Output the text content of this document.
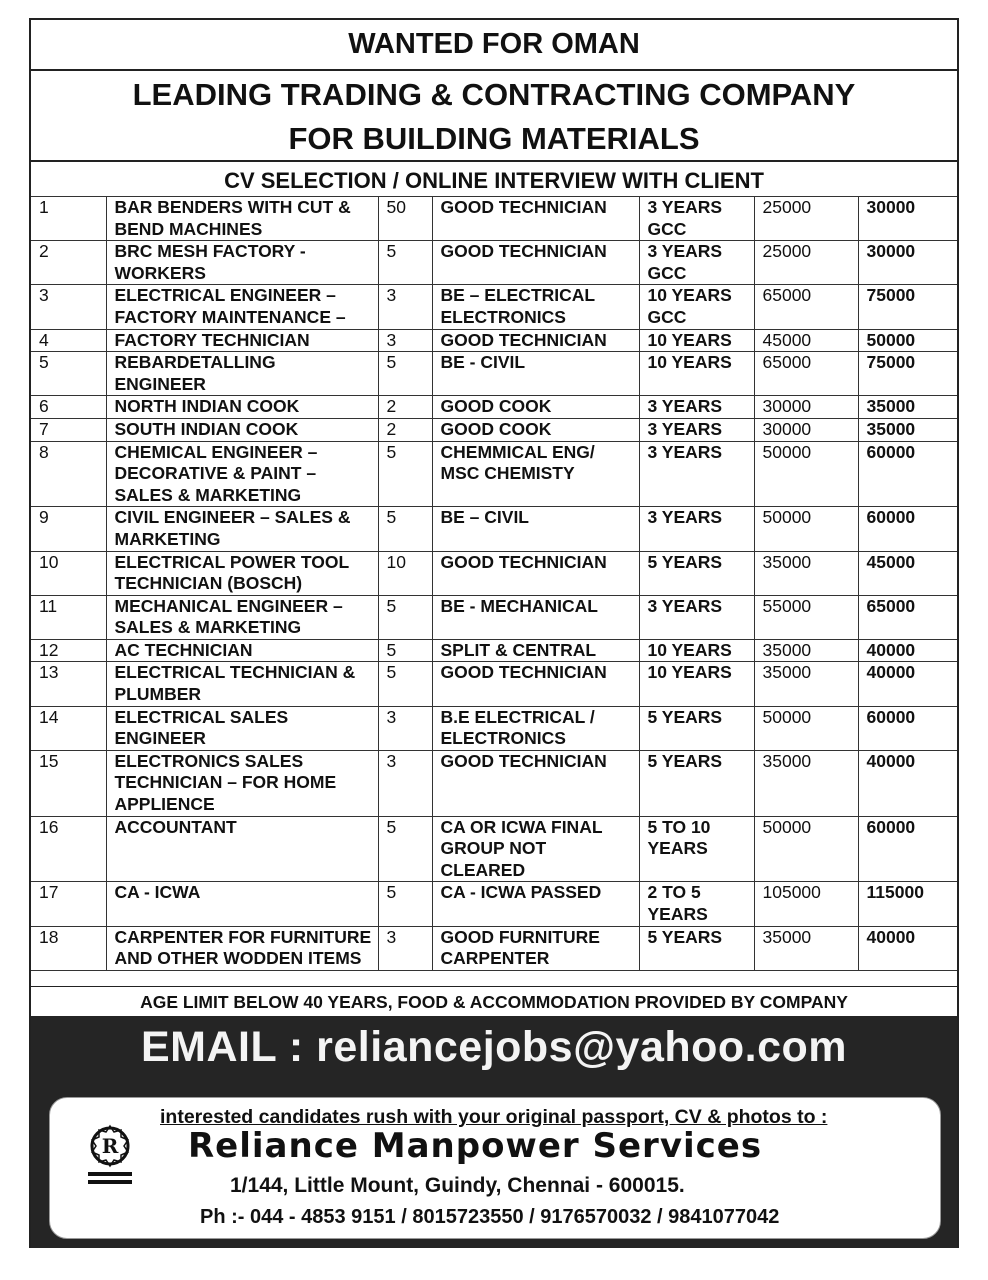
WANTED FOR OMAN
LEADING TRADING & CONTRACTING COMPANY
FOR BUILDING MATERIALS
CV SELECTION / ONLINE INTERVIEW WITH CLIENT
1	BAR BENDERS WITH CUT & BEND MACHINES	50	GOOD TECHNICIAN	3 YEARS GCC	25000	30000
2	BRC MESH FACTORY - WORKERS	5	GOOD TECHNICIAN	3 YEARS GCC	25000	30000
3	ELECTRICAL ENGINEER – FACTORY MAINTENANCE –	3	BE – ELECTRICAL ELECTRONICS	10 YEARS GCC	65000	75000
4	FACTORY TECHNICIAN	3	GOOD TECHNICIAN	10 YEARS	45000	50000
5	REBARDETALLING ENGINEER	5	BE - CIVIL	10 YEARS	65000	75000
6	NORTH INDIAN COOK	2	GOOD COOK	3 YEARS	30000	35000
7	SOUTH INDIAN COOK	2	GOOD COOK	3 YEARS	30000	35000
8	CHEMICAL ENGINEER – DECORATIVE & PAINT – SALES & MARKETING	5	CHEMMICAL ENG/ MSC CHEMISTY	3 YEARS	50000	60000
9	CIVIL ENGINEER – SALES & MARKETING	5	BE – CIVIL	3 YEARS	50000	60000
10	ELECTRICAL POWER TOOL TECHNICIAN (BOSCH)	10	GOOD TECHNICIAN	5 YEARS	35000	45000
11	MECHANICAL ENGINEER – SALES & MARKETING	5	BE - MECHANICAL	3 YEARS	55000	65000
12	AC TECHNICIAN	5	SPLIT & CENTRAL	10 YEARS	35000	40000
13	ELECTRICAL TECHNICIAN & PLUMBER	5	GOOD TECHNICIAN	10 YEARS	35000	40000
14	ELECTRICAL SALES ENGINEER	3	B.E ELECTRICAL / ELECTRONICS	5 YEARS	50000	60000
15	ELECTRONICS SALES TECHNICIAN – FOR HOME APPLIENCE	3	GOOD TECHNICIAN	5 YEARS	35000	40000
16	ACCOUNTANT	5	CA OR ICWA FINAL GROUP NOT CLEARED	5 TO 10 YEARS	50000	60000
17	CA - ICWA	5	CA - ICWA PASSED	2 TO 5 YEARS	105000	115000
18	CARPENTER FOR FURNITURE AND OTHER WODDEN ITEMS	3	GOOD FURNITURE CARPENTER	5 YEARS	35000	40000
AGE LIMIT BELOW 40 YEARS, FOOD & ACCOMMODATION PROVIDED BY COMPANY
EMAIL : reliancejobs@yahoo.com
R
interested candidates rush with your original passport, CV & photos to :
Reliance Manpower Services
1/144, Little Mount, Guindy, Chennai - 600015.
Ph :- 044 - 4853 9151 / 8015723550 / 9176570032 / 9841077042
